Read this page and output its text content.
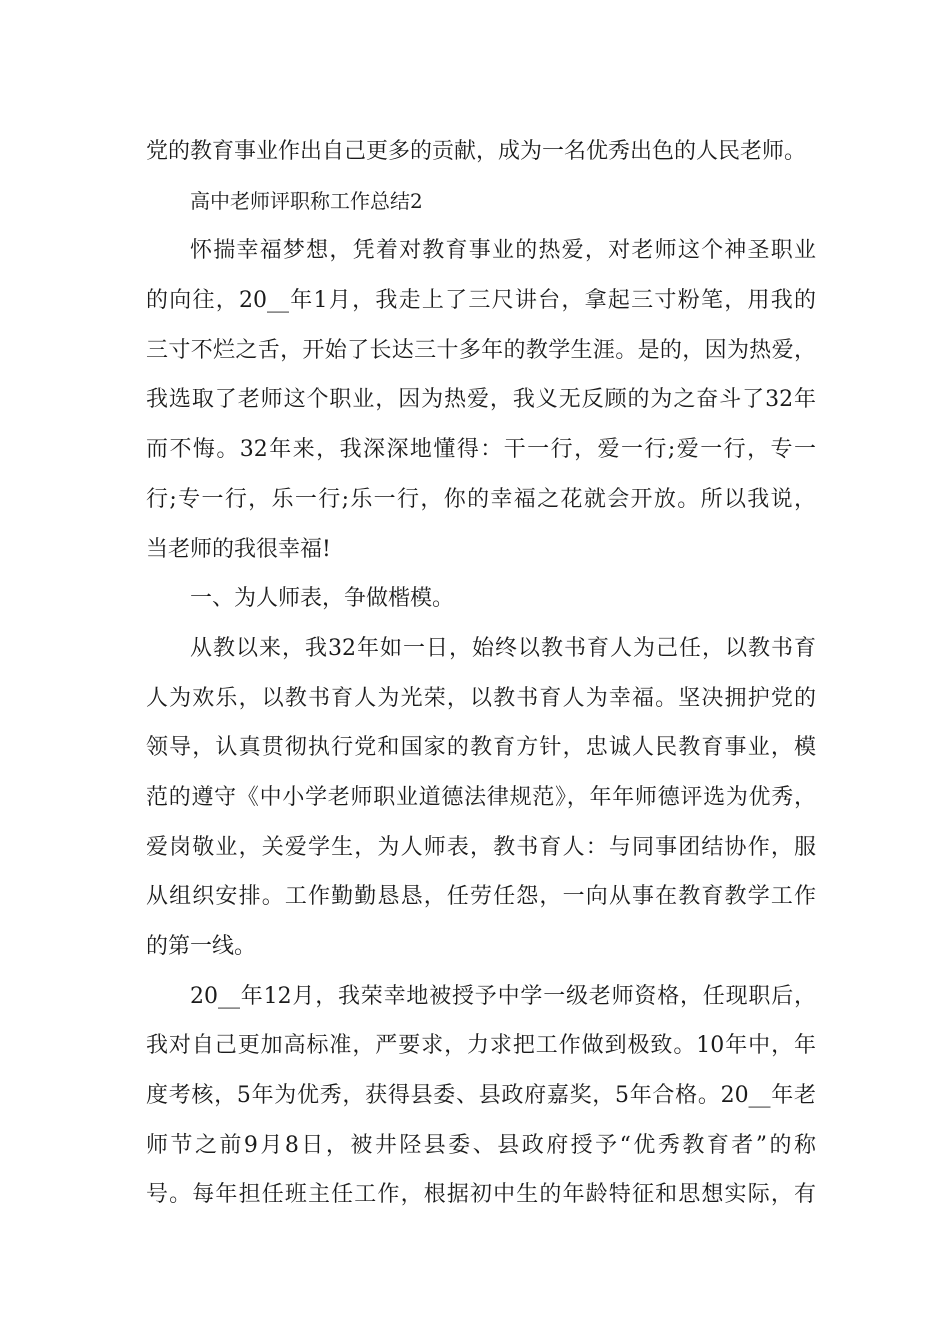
党的教育事业作出自己更多的贡献，成为一名优秀出色的人民老师。
高中老师评职称工作总结2
怀揣幸福梦想，凭着对教育事业的热爱，对老师这个神圣职业
的向往，20__年1月，我走上了三尺讲台，拿起三寸粉笔，用我的
三寸不烂之舌，开始了长达三十多年的教学生涯。是的，因为热爱，
我选取了老师这个职业，因为热爱，我义无反顾的为之奋斗了32年
而不悔。32年来，我深深地懂得：干一行，爱一行;爱一行，专一
行;专一行，乐一行;乐一行，你的幸福之花就会开放。所以我说，
当老师的我很幸福!
一、为人师表，争做楷模。
从教以来，我32年如一日，始终以教书育人为己任，以教书育
人为欢乐，以教书育人为光荣，以教书育人为幸福。坚决拥护党的
领导，认真贯彻执行党和国家的教育方针，忠诚人民教育事业，模
范的遵守《中小学老师职业道德法律规范》，年年师德评选为优秀，
爱岗敬业，关爱学生，为人师表，教书育人：与同事团结协作，服
从组织安排。工作勤勤恳恳，任劳任怨，一向从事在教育教学工作
的第一线。
20__年12月，我荣幸地被授予中学一级老师资格，任现职后，
我对自己更加高标准，严要求，力求把工作做到极致。10年中，年
度考核，5年为优秀，获得县委、县政府嘉奖，5年合格。20__年老
师节之前9月8日，被井陉县委、县政府授予“优秀教育者”的称
号。每年担任班主任工作，根据初中生的年龄特征和思想实际，有
